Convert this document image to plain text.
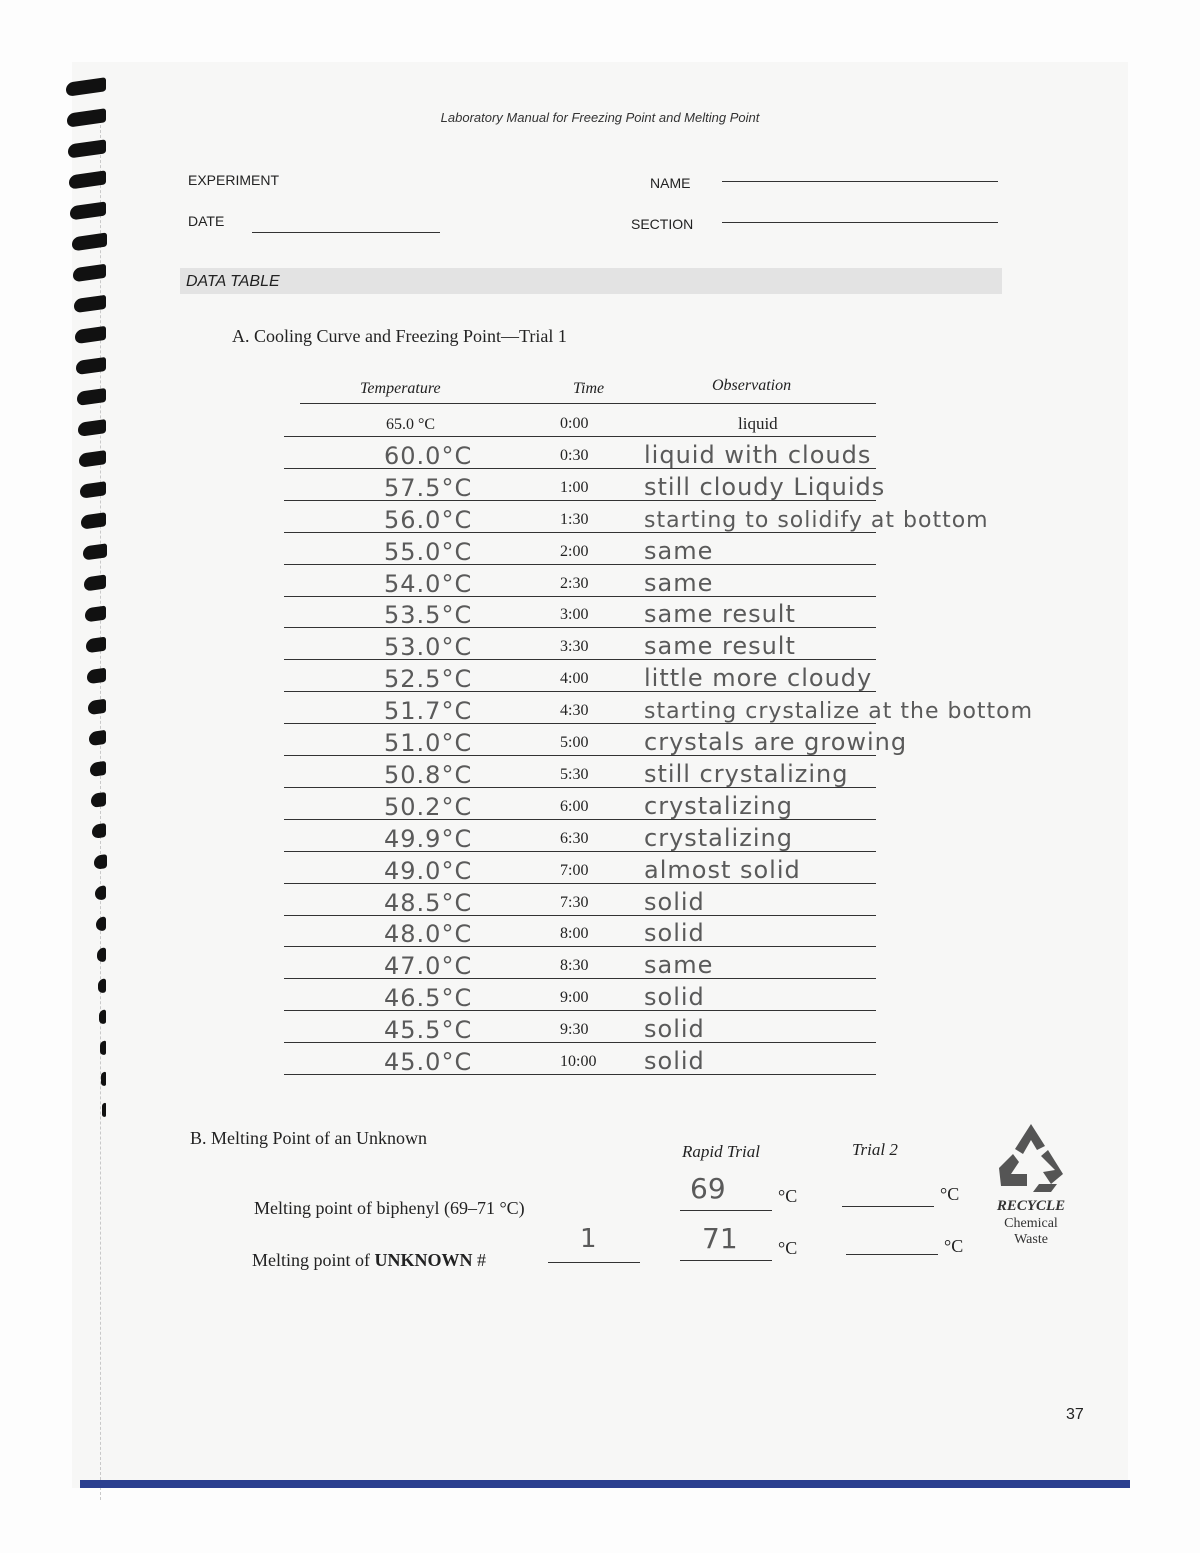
Laboratory Manual for Freezing Point and Melting Point
EXPERIMENT	NAME
DATE	SECTION
DATA TABLE
A. Cooling Curve and Freezing Point—Trial 1
Temperature	Time	Observation
65.0 °C	0:00	liquid
60.0°C	0:30 liquid with clouds
57.5°C	1:00 still cloudy Liquids
56.0°C	1:30	starting to solidify at bottom
55.0°C	2:00 same
54.0°C	2:30 same
53.5°C	3:00 same result
53.0°C	3:30 same result
52.5°C	4:00 little more cloudy
51.7°C	4:30	starting crystalize at the bottom
51.0°C	5:00 crystals are growing
50.8°C	5:30 still crystalizing
50.2°C	6:00 crystalizing
49.9°C	6:30 crystalizing
49.0°C	7:00 almost solid
48.5°C	7:30 solid
48.0°C	8:00 solid
47.0°C	8:30 same
46.5°C	9:00 solid
45.5°C	9:30 solid
45.0°C	10:00 solid
B. Melting Point of an Unknown
Rapid Trial	Trial 2
Melting point of biphenyl (69–71 °C)
69	°C	°C
Melting point of UNKNOWN #
1	71 °C	°C
RECYCLE
Chemical
Waste
37
